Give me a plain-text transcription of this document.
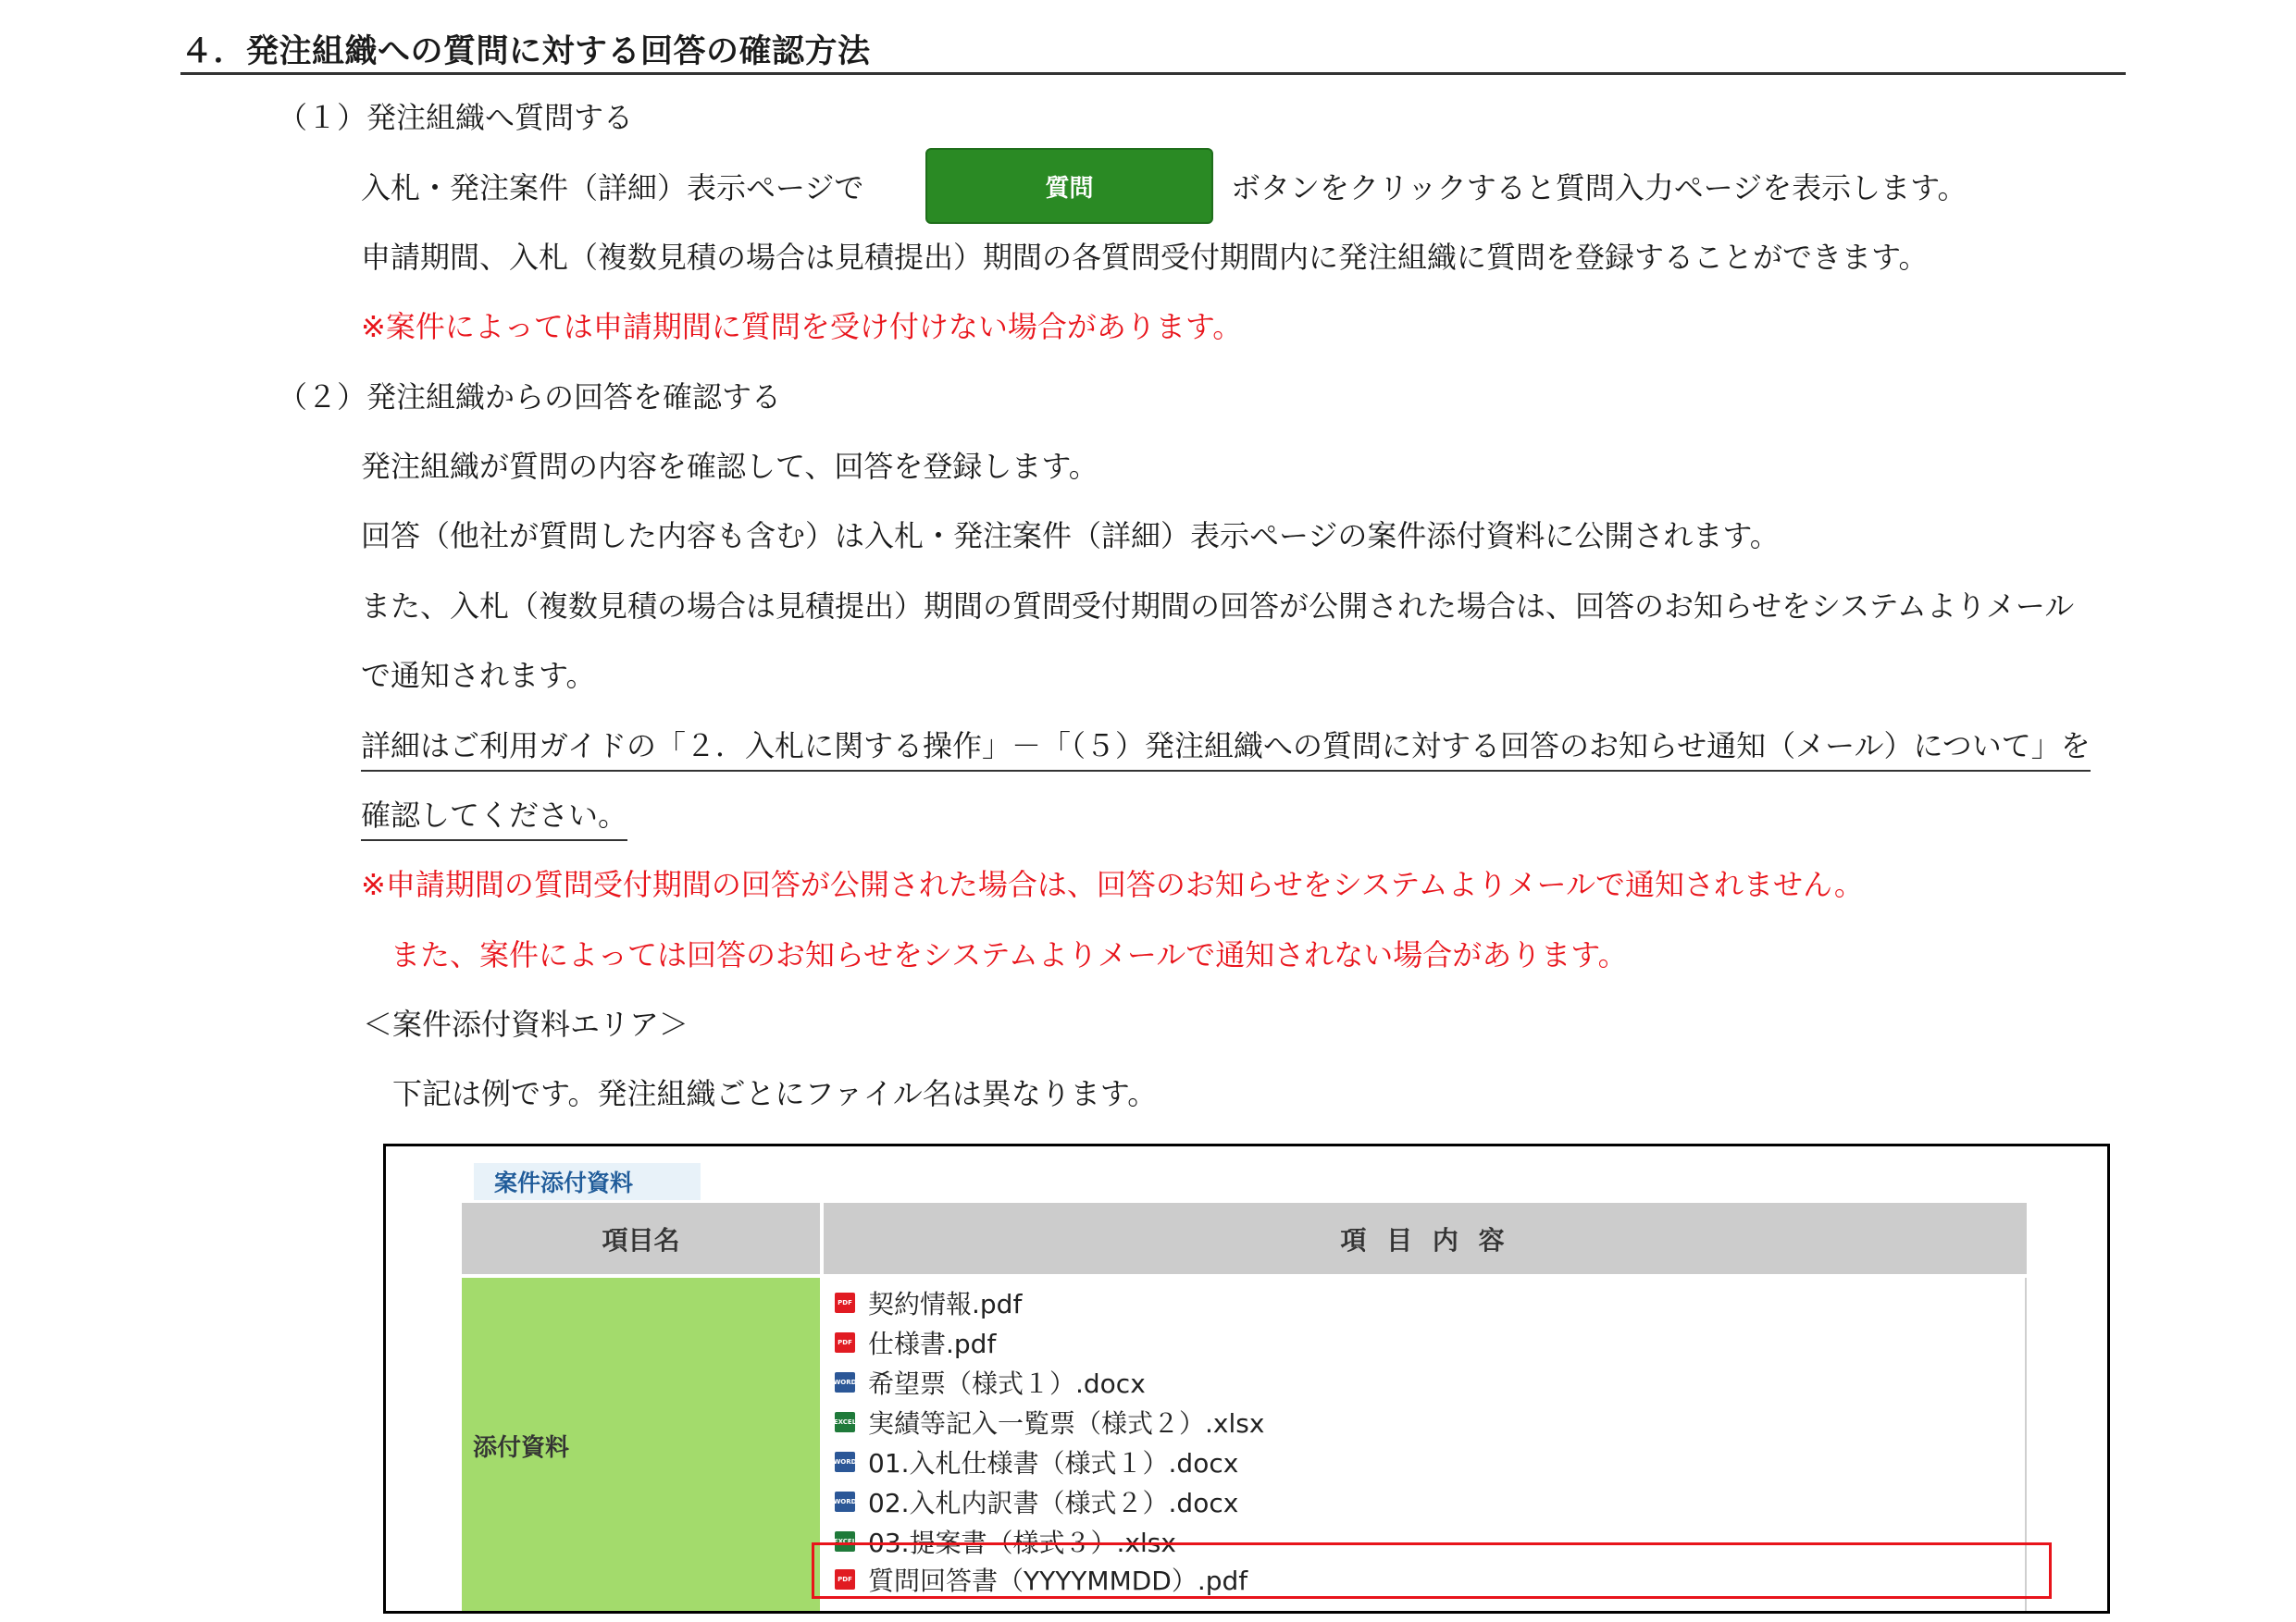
４．発注組織への質問に対する回答の確認方法
（１）発注組織へ質問する
入札・発注案件（詳細）表示ページで	質問	ボタンをクリックすると質問入力ページを表示します。
申請期間、入札（複数見積の場合は見積提出）期間の各質問受付期間内に発注組織に質問を登録することができます。
※案件によっては申請期間に質問を受け付けない場合があります。
（２）発注組織からの回答を確認する
発注組織が質問の内容を確認して、回答を登録します。
回答（他社が質問した内容も含む）は入札・発注案件（詳細）表示ページの案件添付資料に公開されます。
また、入札（複数見積の場合は見積提出）期間の質問受付期間の回答が公開された場合は、回答のお知らせをシステムよりメール
で通知されます。
詳細はご利用ガイドの「２．入札に関する操作」－「（５）発注組織への質問に対する回答のお知らせ通知（メール）について」を
確認してください。
※申請期間の質問受付期間の回答が公開された場合は、回答のお知らせをシステムよりメールで通知されません。
また、案件によっては回答のお知らせをシステムよりメールで通知されない場合があります。
＜案件添付資料エリア＞
下記は例です。発注組織ごとにファイル名は異なります。
案件添付資料
項目名	項 目 内 容
添付資料
PDF 契約情報.pdf
PDF 仕様書.pdf
WORD 希望票（様式１）.docx
EXCEL 実績等記入一覧票（様式２）.xlsx
WORD 01.入札仕様書（様式１）.docx
WORD 02.入札内訳書（様式２）.docx
EXCEL 03.提案書（様式３）.xlsx
PDF 質問回答書（YYYYMMDD）.pdf
